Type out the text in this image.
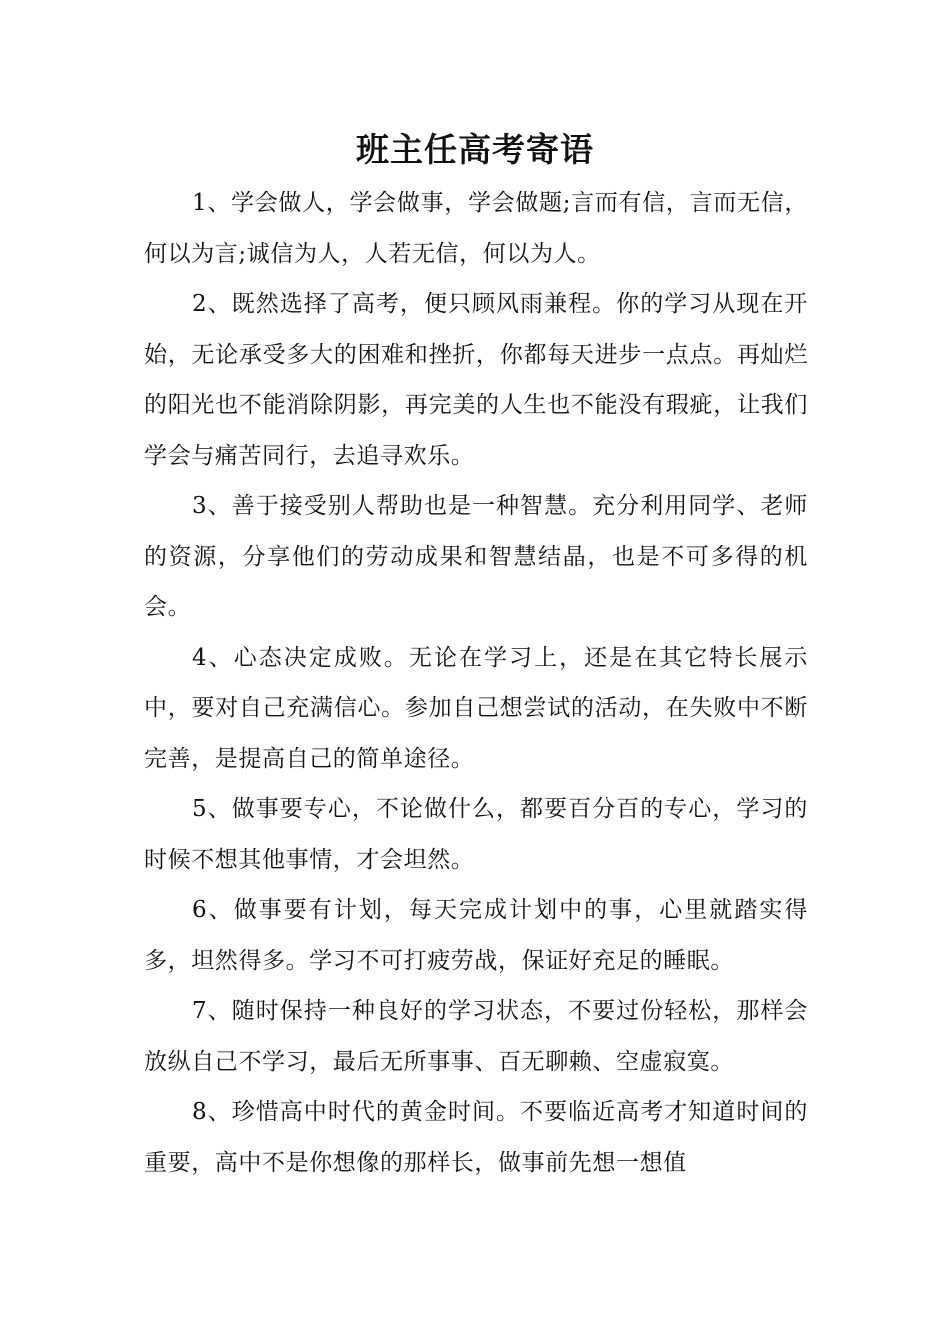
班主任高考寄语

1、学会做人，学会做事，学会做题;言而有信，言而无信，何以为言;诚信为人，人若无信，何以为人。

2、既然选择了高考，便只顾风雨兼程。你的学习从现在开始，无论承受多大的困难和挫折，你都每天进步一点点。再灿烂的阳光也不能消除阴影，再完美的人生也不能没有瑕疵，让我们学会与痛苦同行，去追寻欢乐。

3、善于接受别人帮助也是一种智慧。充分利用同学、老师的资源，分享他们的劳动成果和智慧结晶，也是不可多得的机会。

4、心态决定成败。无论在学习上，还是在其它特长展示中，要对自己充满信心。参加自己想尝试的活动，在失败中不断完善，是提高自己的简单途径。

5、做事要专心，不论做什么，都要百分百的专心，学习的时候不想其他事情，才会坦然。

6、做事要有计划，每天完成计划中的事，心里就踏实得多，坦然得多。学习不可打疲劳战，保证好充足的睡眠。

7、随时保持一种良好的学习状态，不要过份轻松，那样会放纵自己不学习，最后无所事事、百无聊赖、空虚寂寞。

8、珍惜高中时代的黄金时间。不要临近高考才知道时间的重要，高中不是你想像的那样长，做事前先想一想值
